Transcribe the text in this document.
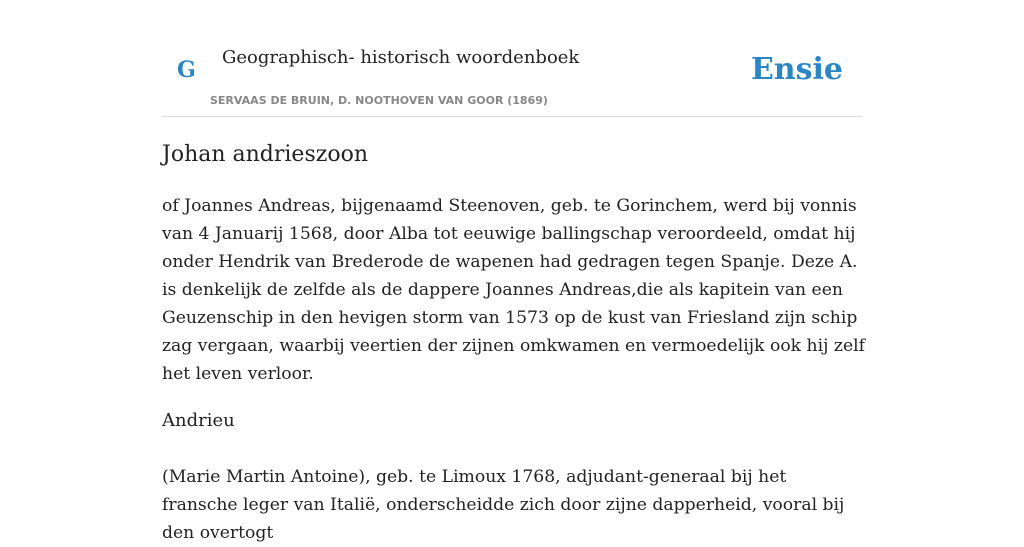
G Geographisch- historisch woordenboek
SERVAAS DE BRUIN, D. NOOTHOVEN VAN GOOR (1869)
Ensie
Johan andrieszoon

of Joannes Andreas, bijgenaamd Steenoven, geb. te Gorinchem, werd bij vonnis van 4 Januarij 1568, door Alba tot eeuwige ballingschap veroordeeld, omdat hij onder Hendrik van Brederode de wapenen had gedragen tegen Spanje. Deze A. is denkelijk de zelfde als de dappere Joannes Andreas,die als kapitein van een Geuzenschip in den hevigen storm van 1573 op de kust van Friesland zijn schip zag vergaan, waarbij veertien der zijnen omkwamen en vermoedelijk ook hij zelf het leven verloor.

Andrieu

(Marie Martin Antoine), geb. te Limoux 1768, adjudant-generaal bij het fransche leger van Italië, onderscheidde zich door zijne dapperheid, vooral bij den overtogt
